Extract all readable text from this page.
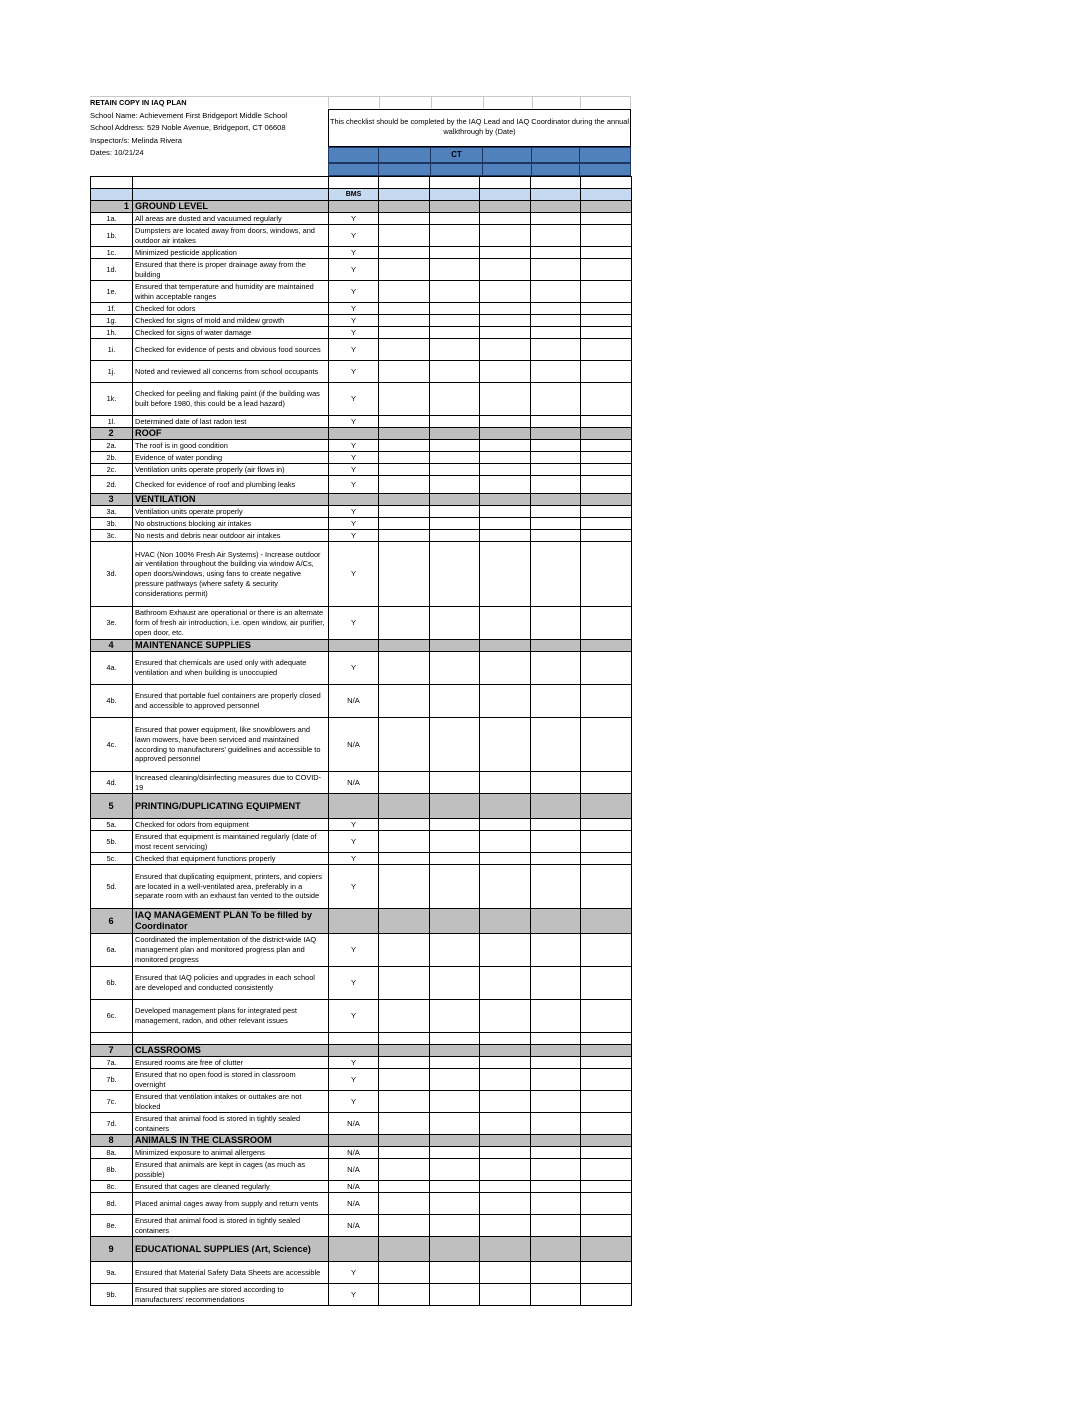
RETAIN COPY IN IAQ PLAN
School Name: Achievement First Bridgeport Middle School
School Address: 529 Noble Avenue, Bridgeport, CT 06608
Inspector/s: Melinda Rivera
Dates: 10/21/24
This checklist should be completed by the IAQ Lead and IAQ Coordinator during the annual walkthrough by (Date)
CT

		BMS					
1	GROUND LEVEL						
1a.	All areas are dusted and vacuumed regularly	Y					
1b.	Dumpsters are located away from doors, windows, and outdoor air intakes	Y					
1c.	Minimized pesticide application	Y					
1d.	Ensured that there is proper drainage away from the building	Y					
1e.	Ensured that temperature and humidity are maintained within acceptable ranges	Y					
1f.	Checked for odors	Y					
1g.	Checked for signs of mold and mildew growth	Y					
1h.	Checked for signs of water damage	Y					
1i.	Checked for evidence of pests and obvious food sources	Y					
1j.	Noted and reviewed all concerns from school occupants	Y					
1k.	Checked for peeling and flaking paint (if the building was built before 1980, this could be a lead hazard)	Y					
1l.	Determined date of last radon test	Y					
2	ROOF						
2a.	The roof is in good condition	Y					
2b.	Evidence of water ponding	Y					
2c.	Ventilation units operate properly (air flows in)	Y					
2d.	Checked for evidence of roof and plumbing leaks	Y					
3	VENTILATION						
3a.	Ventilation units operate properly	Y					
3b.	No obstructions blocking air intakes	Y					
3c.	No nests and debris near outdoor air intakes	Y					
3d.	HVAC (Non 100% Fresh Air Systems) - Increase outdoor air ventilation throughout the building via window A/Cs, open doors/windows, using fans to create negative pressure pathways (where safety & security considerations permit)	Y					
3e.	Bathroom Exhaust are operational or there is an alternate form of fresh air introduction, i.e. open window, air purifier, open door, etc.	Y					
4	MAINTENANCE SUPPLIES						
4a.	Ensured that chemicals are used only with adequate ventilation and when building is unoccupied	Y					
4b.	Ensured that portable fuel containers are properly closed and accessible to approved personnel	N/A					
4c.	Ensured that power equipment, like snowblowers and lawn mowers, have been serviced and maintained according to manufacturers' guidelines and accessible to approved personnel	N/A					
4d.	Increased cleaning/disinfecting measures due to COVID-19	N/A					
5	PRINTING/DUPLICATING EQUIPMENT						
5a.	Checked for odors from equipment	Y					
5b.	Ensured that equipment is maintained regularly (date of most recent servicing)	Y					
5c.	Checked that equipment functions properly	Y					
5d.	Ensured that duplicating equipment, printers, and copiers are located in a well-ventilated area, preferably in a separate room with an exhaust fan vented to the outside	Y					
6	IAQ MANAGEMENT PLAN To be filled by Coordinator						
6a.	Coordinated the implementation of the district-wide IAQ management plan and monitored progress plan and monitored progress	Y					
6b.	Ensured that IAQ policies and upgrades in each school are developed and conducted consistently	Y					
6c.	Developed management plans for integrated pest management, radon, and other relevant issues	Y					

7	CLASSROOMS						
7a.	Ensured rooms are free of clutter	Y					
7b.	Ensured that no open food is stored in classroom overnight	Y					
7c.	Ensured that ventilation intakes or outtakes are not blocked	Y					
7d.	Ensured that animal food is stored in tightly sealed containers	N/A					
8	ANIMALS IN THE CLASSROOM						
8a.	Minimized exposure to animal allergens	N/A					
8b.	Ensured that animals are kept in cages (as much as possible)	N/A					
8c.	Ensured that cages are cleaned regularly	N/A					
8d.	Placed animal cages away from supply and return vents	N/A					
8e.	Ensured that animal food is stored in tightly sealed containers	N/A					
9	EDUCATIONAL SUPPLIES (Art, Science)						
9a.	Ensured that Material Safety Data Sheets are accessible	Y					
9b.	Ensured that supplies are stored according to manufacturers' recommendations	Y					
